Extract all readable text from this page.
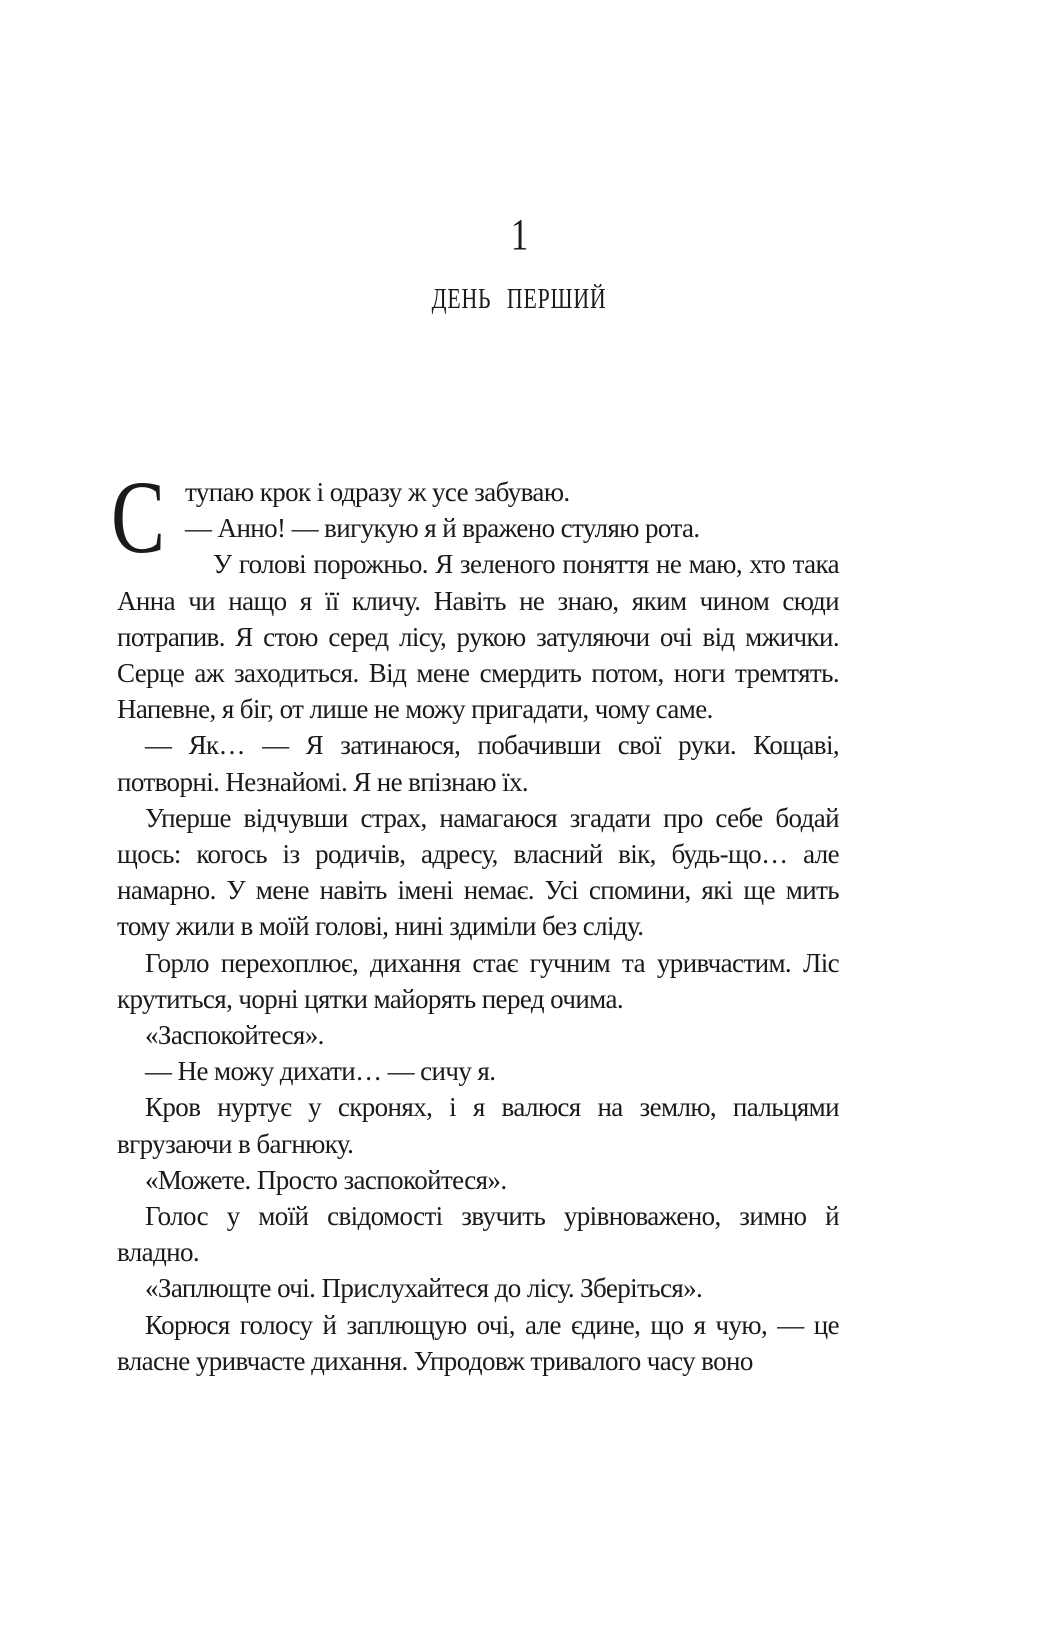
1
ДЕНЬ ПЕРШИЙ

Ступаю крок і одразу ж усе забуваю.

— Анно! — вигукую я й вражено стуляю рота.

У голові порожньо. Я зеленого поняття не маю, хто така Анна чи нащо я її кличу. Навіть не знаю, яким чином сюди потрапив. Я стою серед лісу, рукою затуляючи очі від мжички. Серце аж заходиться. Від мене смердить потом, ноги тремтять. Напевне, я біг, от лише не можу пригадати, чому саме.

— Як… — Я затинаюся, побачивши свої руки. Кощаві, потворні. Незнайомі. Я не впізнаю їх.

Уперше відчувши страх, намагаюся згадати про себе бодай щось: когось із родичів, адресу, власний вік, будь-що… але намарно. У мене навіть імені немає. Усі спомини, які ще мить тому жили в моїй голові, нині здиміли без сліду.

Горло перехоплює, дихання стає гучним та уривчастим. Ліс крутиться, чорні цятки майорять перед очима.

«Заспокойтеся».

— Не можу дихати… — сичу я.

Кров нуртує у скронях, і я валюся на землю, пальцями вгрузаючи в багнюку.

«Можете. Просто заспокойтеся».

Голос у моїй свідомості звучить урівноважено, зимно й владно.

«Заплющте очі. Прислухайтеся до лісу. Зберіться».

Корюся голосу й заплющую очі, але єдине, що я чую, — це власне уривчасте дихання. Упродовж тривалого часу воно
